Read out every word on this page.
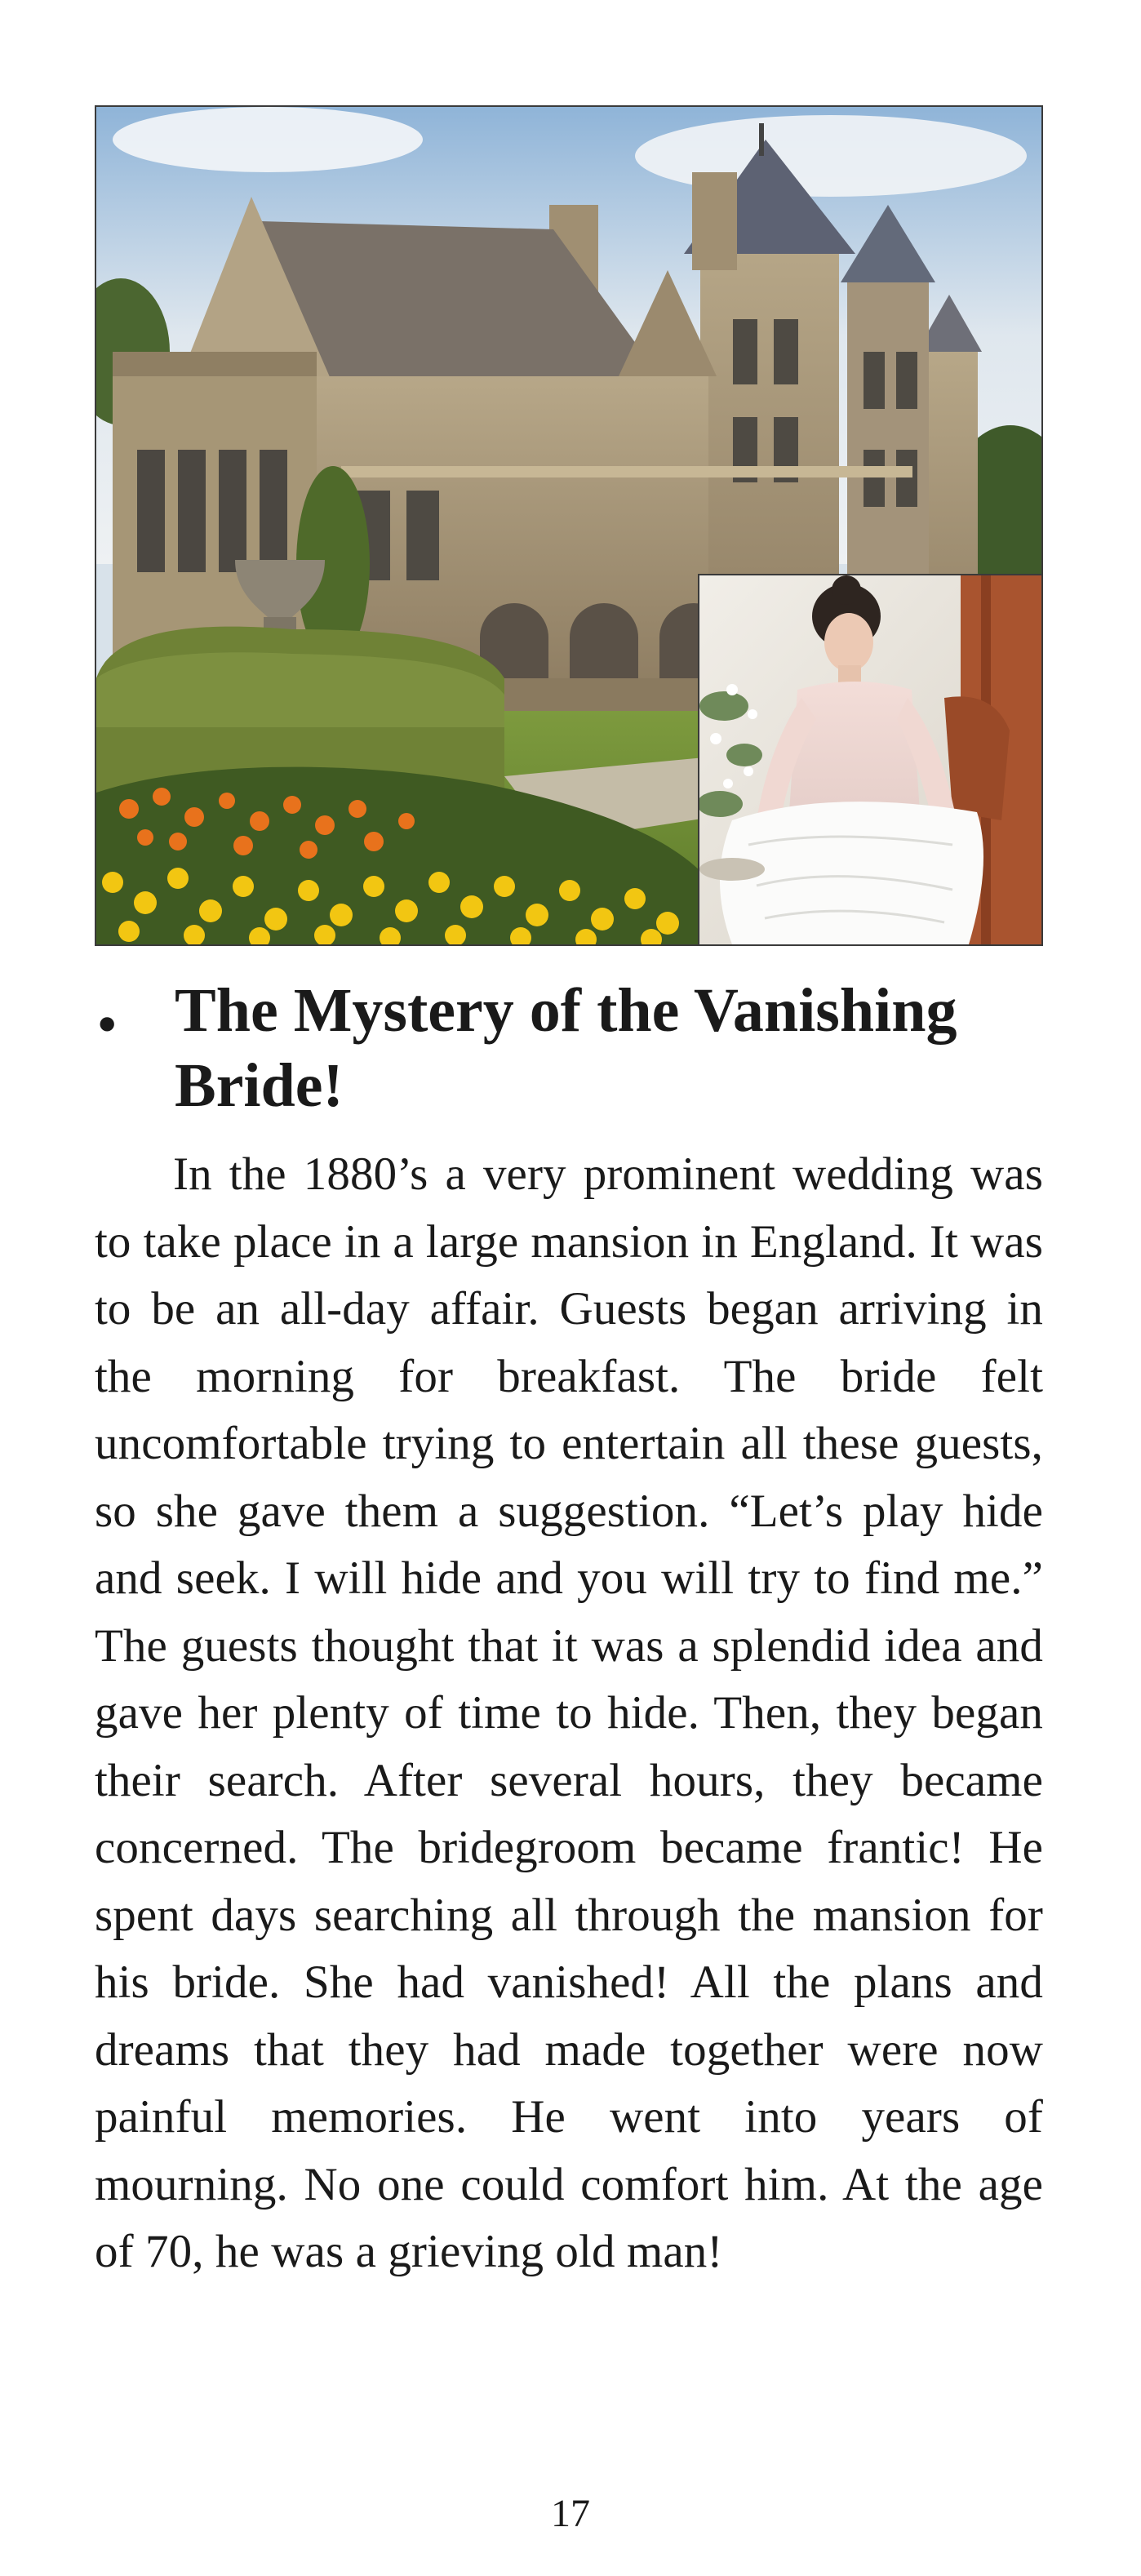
• The Mystery of the Vanishing Bride!

In the 1880’s a very prominent wedding was to take place in a large mansion in England. It was to be an all-day affair. Guests began arriving in the morning for breakfast. The bride felt uncomfortable trying to entertain all these guests, so she gave them a suggestion. “Let’s play hide and seek. I will hide and you will try to find me.” The guests thought that it was a splendid idea and gave her plenty of time to hide. Then, they began their search. After several hours, they became concerned. The bridegroom became frantic! He spent days searching all through the mansion for his bride. She had vanished! All the plans and dreams that they had made together were now painful memories. He went into years of mourning. No one could comfort him. At the age of 70, he was a grieving old man!

17
